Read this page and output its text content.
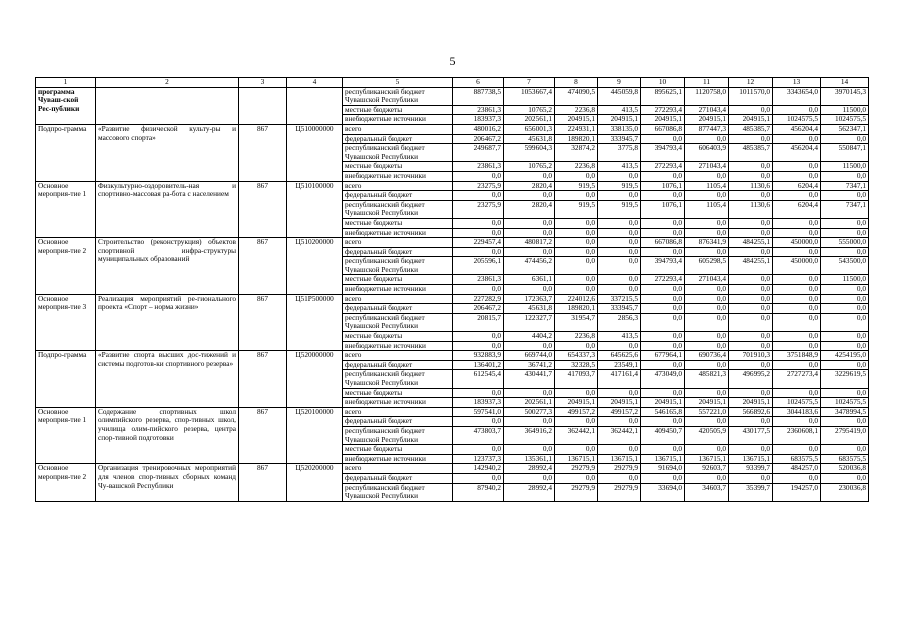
5
1	2	3	4	5	6	7	8	9	10	11	12	13	14
программа Чуваш-ской Рес-публики				республиканский бюджет Чувашской Республики	887738,5	1053667,4	474090,5	445059,8	895625,1	1120758,0	1011570,0	3343654,0	3970145,3
				местные бюджеты	23861,3	10765,2	2236,8	413,5	272293,4	271043,4	0,0	0,0	11500,0
				внебюджетные источники	183937,3	202561,1	204915,1	204915,1	204915,1	204915,1	204915,1	1024575,5	1024575,5
Подпро-грамма	«Развитие физической культу-ры и массового спорта»	867	Ц510000000	всего	480016,2	656001,3	224931,1	338135,0	667086,8	877447,3	485385,7	456204,4	562347,1
				федеральный бюджет	206467,2	45631,8	189820,1	333945,7	0,0	0,0	0,0	0,0	0,0
				республиканский бюджет Чувашской Республики	249687,7	599604,3	32874,2	3775,8	394793,4	606403,9	485385,7	456204,4	550847,1
				местные бюджеты	23861,3	10765,2	2236,8	413,5	272293,4	271043,4	0,0	0,0	11500,0
				внебюджетные источники	0,0	0,0	0,0	0,0	0,0	0,0	0,0	0,0	0,0
Основное мероприя-тие 1	Физкультурно-оздоровитель-ная и спортивно-массовая ра-бота с населением	867	Ц510100000	всего	23275,9	2820,4	919,5	919,5	1076,1	1105,4	1130,6	6204,4	7347,1
				федеральный бюджет	0,0	0,0	0,0	0,0	0,0	0,0	0,0	0,0	0,0
				республиканский бюджет Чувашской Республики	23275,9	2820,4	919,5	919,5	1076,1	1105,4	1130,6	6204,4	7347,1
				местные бюджеты	0,0	0,0	0,0	0,0	0,0	0,0	0,0	0,0	0,0
				внебюджетные источники	0,0	0,0	0,0	0,0	0,0	0,0	0,0	0,0	0,0
Основное мероприя-тие 2	Строительство (реконструкция) объектов спортивной инфра-структуры муниципальных образований	867	Ц510200000	всего	229457,4	480817,2	0,0	0,0	667086,8	876341,9	484255,1	450000,0	555000,0
				федеральный бюджет	0,0	0,0	0,0	0,0	0,0	0,0	0,0	0,0	0,0
				республиканский бюджет Чувашской Республики	205596,1	474456,2	0,0	0,0	394793,4	605298,5	484255,1	450000,0	543500,0
				местные бюджеты	23861,3	6361,1	0,0	0,0	272293,4	271043,4	0,0	0,0	11500,0
				внебюджетные источники	0,0	0,0	0,0	0,0	0,0	0,0	0,0	0,0	0,0
Основное мероприя-тие 3	Реализация мероприятий ре-гионального проекта «Спорт – норма жизни»	867	Ц51Р500000	всего	227282,9	172363,7	224012,6	337215,5	0,0	0,0	0,0	0,0	0,0
				федеральный бюджет	206467,2	45631,8	189820,1	333945,7	0,0	0,0	0,0	0,0	0,0
				республиканский бюджет Чувашской Республики	20815,7	122327,7	31954,7	2856,3	0,0	0,0	0,0	0,0	0,0
				местные бюджеты	0,0	4404,2	2236,8	413,5	0,0	0,0	0,0	0,0	0,0
				внебюджетные источники	0,0	0,0	0,0	0,0	0,0	0,0	0,0	0,0	0,0
Подпро-грамма	«Развитие спорта высших дос-тижений и системы подготов-ки спортивного резерва»	867	Ц520000000	всего	932883,9	669744,0	654337,3	645625,6	677964,1	690736,4	701910,3	3751848,9	4254195,0
				федеральный бюджет	136401,2	36741,2	32328,5	23549,1	0,0	0,0	0,0	0,0	0,0
				республиканский бюджет Чувашской Республики	612545,4	430441,7	417093,7	417161,4	473049,0	485821,3	496995,2	2727273,4	3229619,5
				местные бюджеты	0,0	0,0	0,0	0,0	0,0	0,0	0,0	0,0	0,0
				внебюджетные источники	183937,3	202561,1	204915,1	204915,1	204915,1	204915,1	204915,1	1024575,5	1024575,5
Основное мероприя-тие 1	Содержание спортивных школ олимпийского резерва, спор-тивных школ, училища олим-пийского резерва, центра спор-тивной подготовки	867	Ц520100000	всего	597541,0	500277,3	499157,2	499157,2	546165,8	557221,0	566892,6	3044183,6	3478994,5
				федеральный бюджет	0,0	0,0	0,0	0,0	0,0	0,0	0,0	0,0	0,0
				республиканский бюджет Чувашской Республики	473803,7	364916,2	362442,1	362442,1	409450,7	420505,9	430177,5	2360608,1	2795419,0
				местные бюджеты	0,0	0,0	0,0	0,0	0,0	0,0	0,0	0,0	0,0
				внебюджетные источники	123737,3	135361,1	136715,1	136715,1	136715,1	136715,1	136715,1	683575,5	683575,5
Основное мероприя-тие 2	Организация тренировочных мероприятий для членов спор-тивных сборных команд Чу-вашской Республики	867	Ц520200000	всего	142940,2	28992,4	29279,9	29279,9	91694,0	92603,7	93399,7	484257,0	520036,8
				федеральный бюджет	0,0	0,0	0,0	0,0	0,0	0,0	0,0	0,0	0,0
				республиканский бюджет Чувашской Республики	87940,2	28992,4	29279,9	29279,9	33694,0	34603,7	35399,7	194257,0	230036,8
